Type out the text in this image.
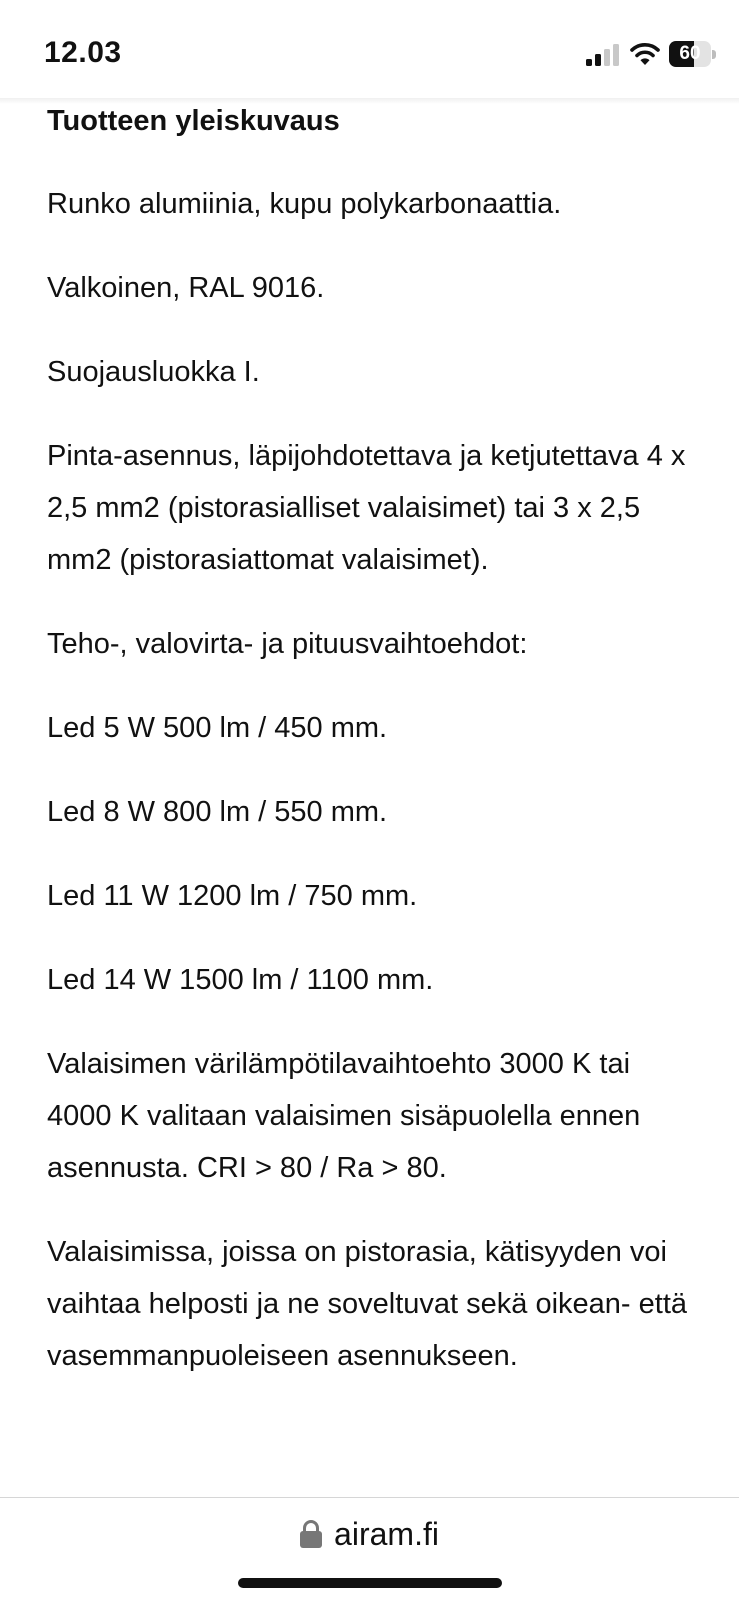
12.03	60
Tuotteen yleiskuvaus

Runko alumiinia, kupu polykarbonaattia.

Valkoinen, RAL 9016.

Suojausluokka I.

Pinta-asennus, läpijohdotettava ja ketjutettava 4 x 2,5 mm2 (pistorasialliset valaisimet) tai 3 x 2,5 mm2 (pistorasiattomat valaisimet).

Teho-, valovirta- ja pituusvaihtoehdot:

Led 5 W 500 lm / 450 mm.

Led 8 W 800 lm / 550 mm.

Led 11 W 1200 lm / 750 mm.

Led 14 W 1500 lm / 1100 mm.

Valaisimen värilämpötilavaihtoehto 3000 K tai 4000 K valitaan valaisimen sisäpuolella ennen asennusta. CRI > 80 / Ra > 80.

Valaisimissa, joissa on pistorasia, kätisyyden voi vaihtaa helposti ja ne soveltuvat sekä oikean- että vasemmanpuoleiseen asennukseen.

airam.fi
